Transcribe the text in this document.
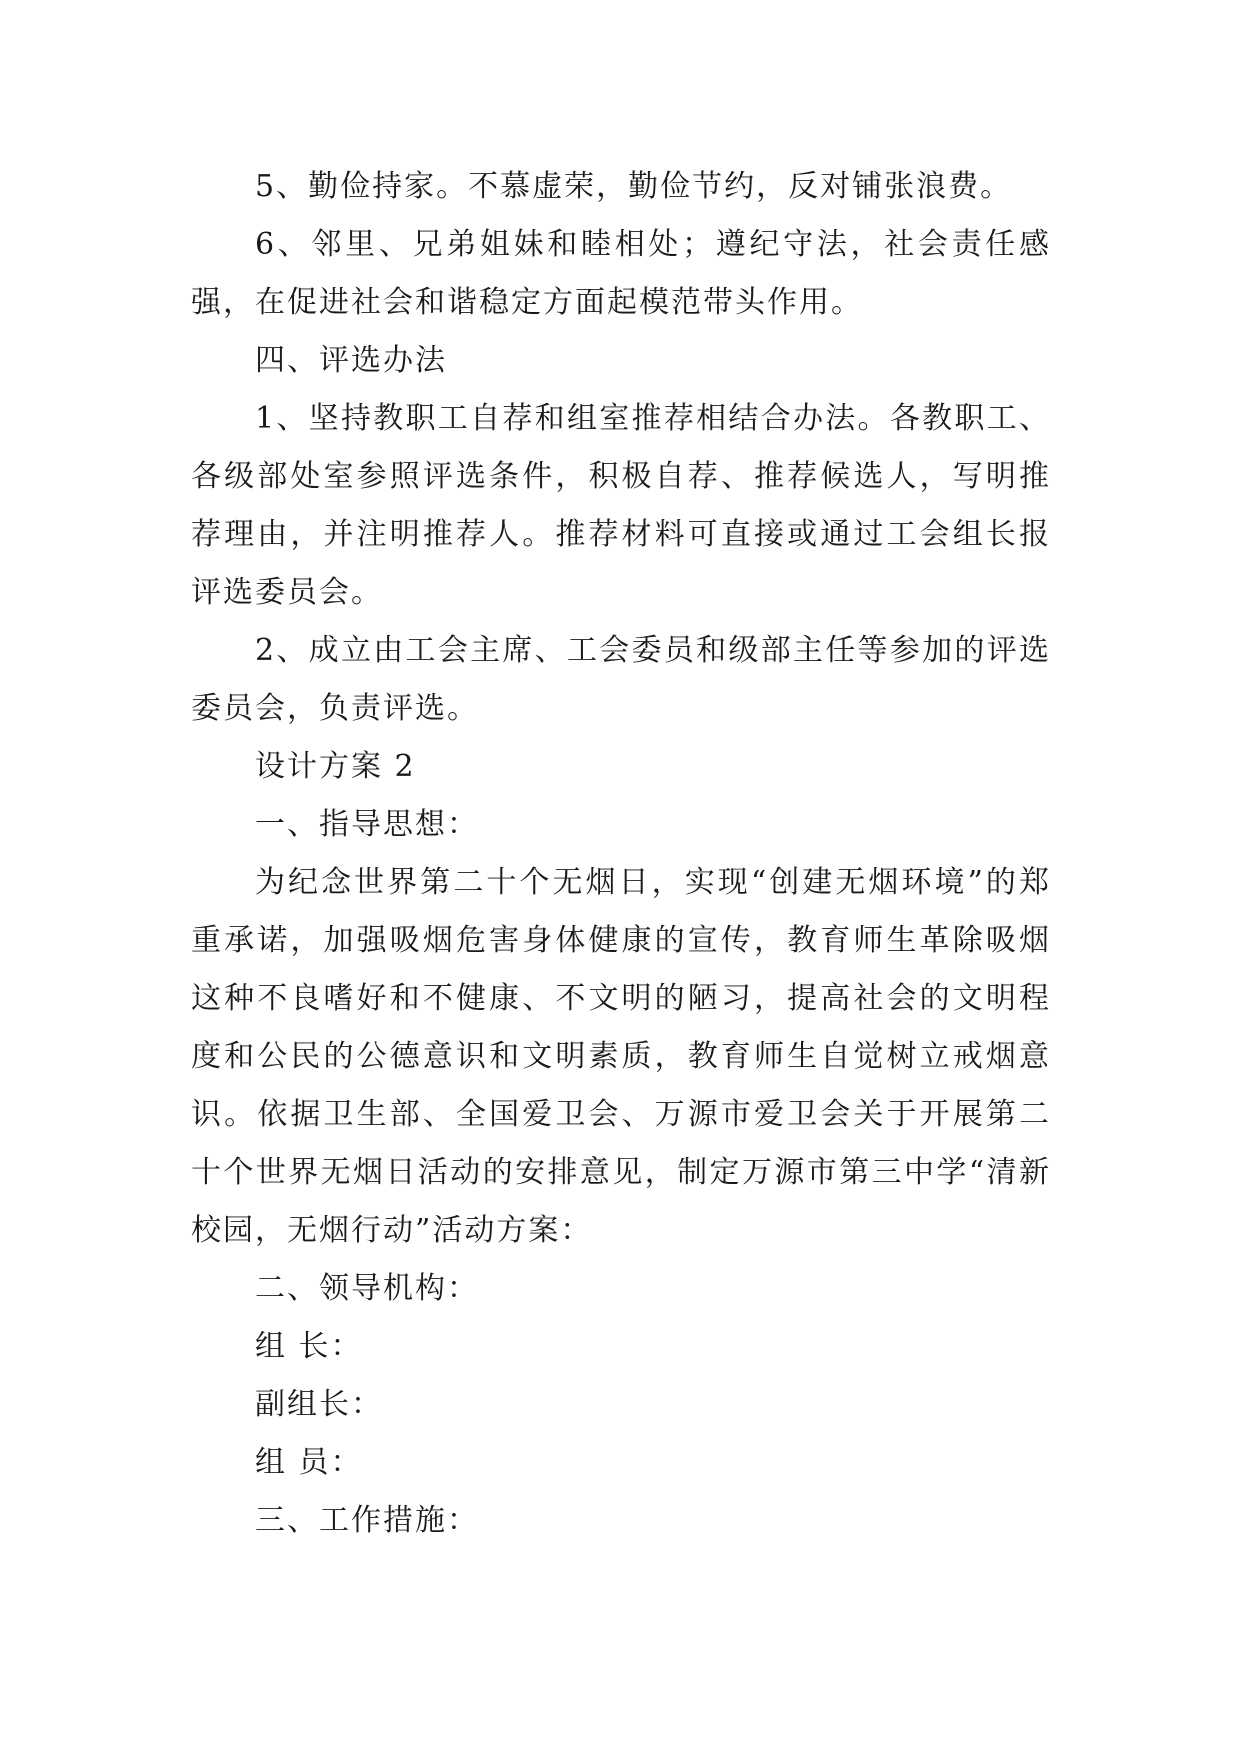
5、勤俭持家。不慕虚荣，勤俭节约，反对铺张浪费。

6、邻里、兄弟姐妹和睦相处；遵纪守法，社会责任感强，在促进社会和谐稳定方面起模范带头作用。

四、评选办法

1、坚持教职工自荐和组室推荐相结合办法。各教职工、各级部处室参照评选条件，积极自荐、推荐候选人，写明推荐理由，并注明推荐人。推荐材料可直接或通过工会组长报评选委员会。

2、成立由工会主席、工会委员和级部主任等参加的评选委员会，负责评选。

设计方案 2

一、指导思想：

为纪念世界第二十个无烟日，实现“创建无烟环境”的郑重承诺，加强吸烟危害身体健康的宣传，教育师生革除吸烟这种不良嗜好和不健康、不文明的陋习，提高社会的文明程度和公民的公德意识和文明素质，教育师生自觉树立戒烟意识。依据卫生部、全国爱卫会、万源市爱卫会关于开展第二十个世界无烟日活动的安排意见，制定万源市第三中学“清新校园，无烟行动”活动方案：

二、领导机构：

组 长：

副组长：

组 员：

三、工作措施：
